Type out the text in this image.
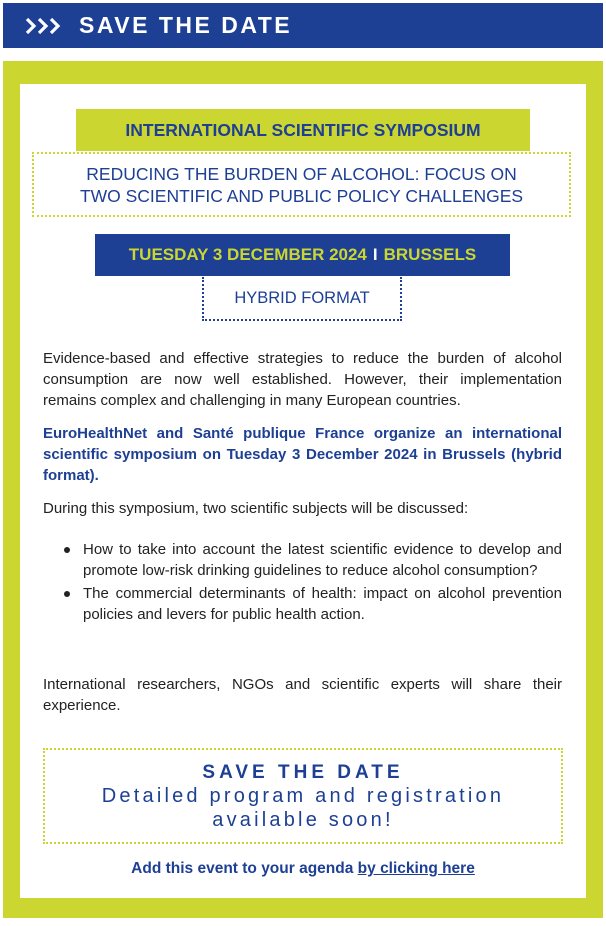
SAVE THE DATE
INTERNATIONAL SCIENTIFIC SYMPOSIUM
REDUCING THE BURDEN OF ALCOHOL: FOCUS ON
TWO SCIENTIFIC AND PUBLIC POLICY CHALLENGES
TUESDAY 3 DECEMBER 2024 I BRUSSELS
HYBRID FORMAT
Evidence-based and effective strategies to reduce the burden of alcohol consumption are now well established. However, their implementation remains complex and challenging in many European countries.
EuroHealthNet and Santé publique France organize an international scientific symposium on Tuesday 3 December 2024 in Brussels (hybrid format).
During this symposium, two scientific subjects will be discussed:
How to take into account the latest scientific evidence to develop and promote low-risk drinking guidelines to reduce alcohol consumption?
The commercial determinants of health: impact on alcohol prevention policies and levers for public health action.
International researchers, NGOs and scientific experts will share their experience.
SAVE THE DATE
Detailed program and registration
available soon!
Add this event to your agenda by clicking here
